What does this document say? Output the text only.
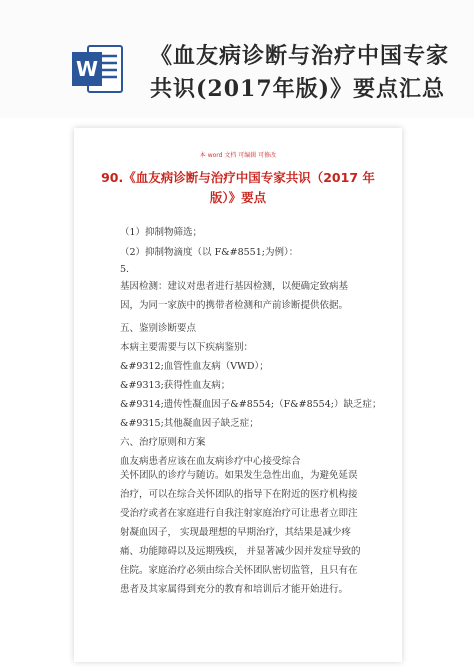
W 《血友病诊断与治疗中国专家共识(2017年版)》要点汇总
本 word 文档 可编辑 可修改
90.《血友病诊断与治疗中国专家共识（2017 年版）》要点
（1）抑制物筛选；
（2）抑制物滴度（以 F&#8551;为例）：
5.
基因检测：建议对患者进行基因检测，以便确定致病基因，为同一家族中的携带者检测和产前诊断提供依据。
五、鉴别诊断要点
本病主要需要与以下疾病鉴别：
&#9312;血管性血友病（VWD）；
&#9313;获得性血友病；
&#9314;遗传性凝血因子&#8554;（F&#8554;）缺乏症；
&#9315;其他凝血因子缺乏症；
六、治疗原则和方案
血友病患者应该在血友病诊疗中心接受综合
关怀团队的诊疗与随访。如果发生急性出血，为避免延误治疗，可以在综合关怀团队的指导下在附近的医疗机构接受治疗或者在家庭进行自我注射家庭治疗可让患者立即注射凝血因子， 实现最理想的早期治疗，其结果是减少疼痛、功能障碍以及远期残疾， 并显著减少因并发症导致的住院。家庭治疗必须由综合关怀团队密切监管，且只有在患者及其家属得到充分的教育和培训后才能开始进行。
